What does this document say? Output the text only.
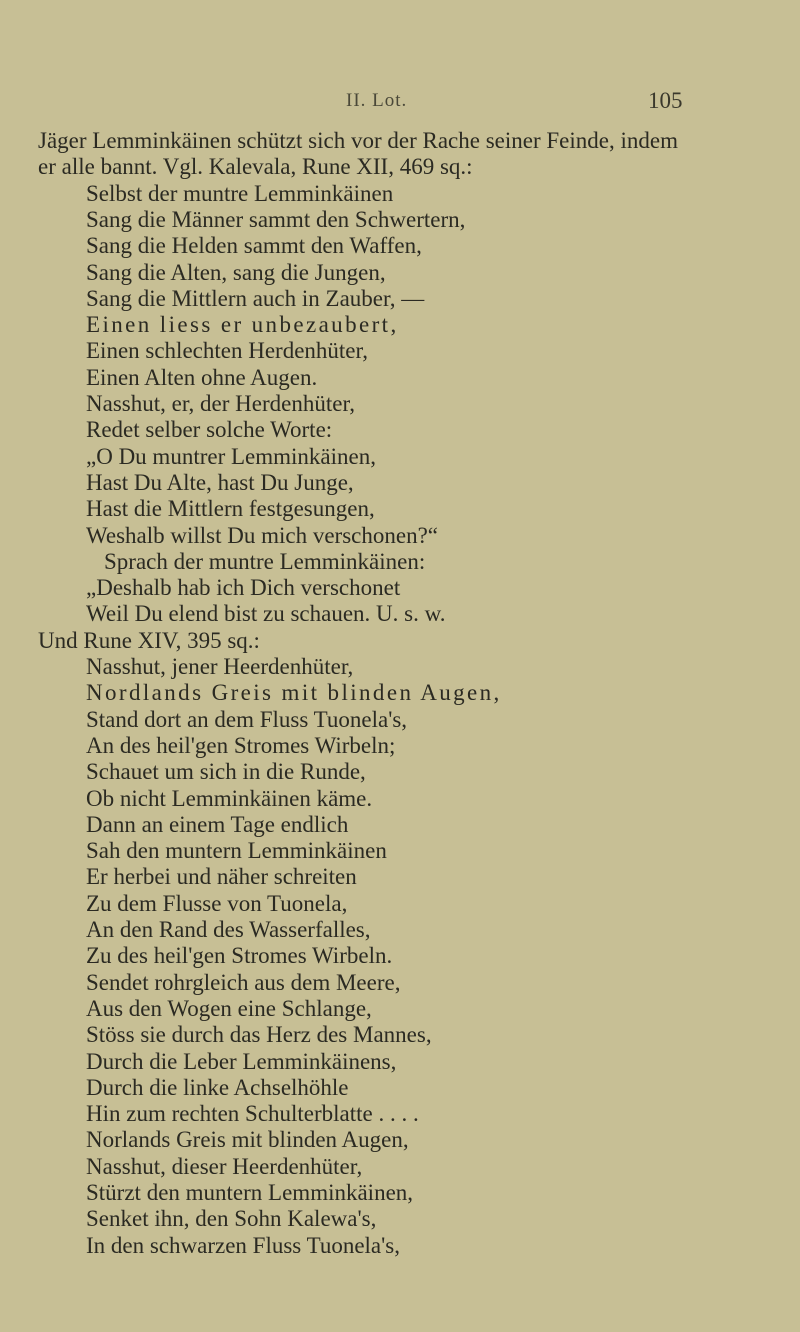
II. Lot.	105
Jäger Lemminkäinen schützt sich vor der Rache seiner Feinde, indem
er alle bannt. Vgl. Kalevala, Rune XII, 469 sq.:
Selbst der muntre Lemminkäinen
Sang die Männer sammt den Schwertern,
Sang die Helden sammt den Waffen,
Sang die Alten, sang die Jungen,
Sang die Mittlern auch in Zauber, —
Einen liess er unbezaubert,
Einen schlechten Herdenhüter,
Einen Alten ohne Augen.
Nasshut, er, der Herdenhüter,
Redet selber solche Worte:
„O Du muntrer Lemminkäinen,
Hast Du Alte, hast Du Junge,
Hast die Mittlern festgesungen,
Weshalb willst Du mich verschonen?“
Sprach der muntre Lemminkäinen:
„Deshalb hab ich Dich verschonet
Weil Du elend bist zu schauen. U. s. w.
Und Rune XIV, 395 sq.:
Nasshut, jener Heerdenhüter,
Nordlands Greis mit blinden Augen,
Stand dort an dem Fluss Tuonela's,
An des heil'gen Stromes Wirbeln;
Schauet um sich in die Runde,
Ob nicht Lemminkäinen käme.
Dann an einem Tage endlich
Sah den muntern Lemminkäinen
Er herbei und näher schreiten
Zu dem Flusse von Tuonela,
An den Rand des Wasserfalles,
Zu des heil'gen Stromes Wirbeln.
Sendet rohrgleich aus dem Meere,
Aus den Wogen eine Schlange,
Stöss sie durch das Herz des Mannes,
Durch die Leber Lemminkäinens,
Durch die linke Achselhöhle
Hin zum rechten Schulterblatte . . . .
Norlands Greis mit blinden Augen,
Nasshut, dieser Heerdenhüter,
Stürzt den muntern Lemminkäinen,
Senket ihn, den Sohn Kalewa's,
In den schwarzen Fluss Tuonela's,
